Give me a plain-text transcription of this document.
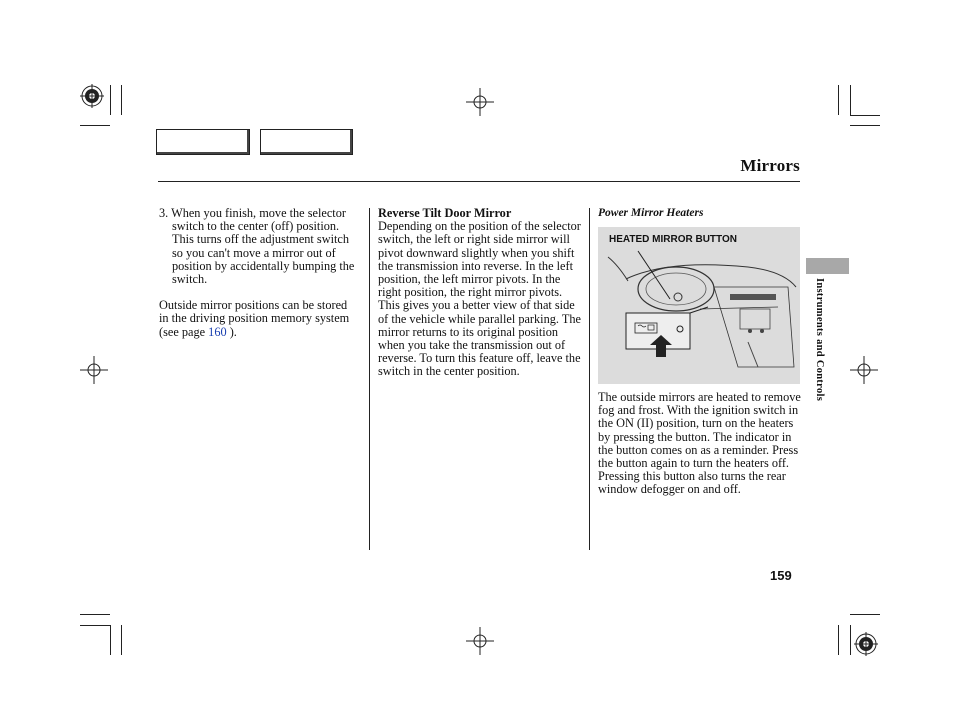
Mirrors

3. When you finish, move the selector switch to the center (off) position. This turns off the adjustment switch so you can't move a mirror out of position by accidentally bumping the switch.

Outside mirror positions can be stored in the driving position memory system (see page 160 ).

Reverse Tilt Door Mirror

Depending on the position of the selector switch, the left or right side mirror will pivot downward slightly when you shift the transmission into reverse. In the left position, the left mirror pivots. In the right position, the right mirror pivots. This gives you a better view of that side of the vehicle while parallel parking. The mirror returns to its original position when you take the transmission out of reverse. To turn this feature off, leave the switch in the center position.

Power Mirror Heaters
HEATED MIRROR BUTTON

The outside mirrors are heated to remove fog and frost. With the ignition switch in the ON (II) position, turn on the heaters by pressing the button. The indicator in the button comes on as a reminder. Press the button again to turn the heaters off. Pressing this button also turns the rear window defogger on and off.

Instruments and Controls
159
